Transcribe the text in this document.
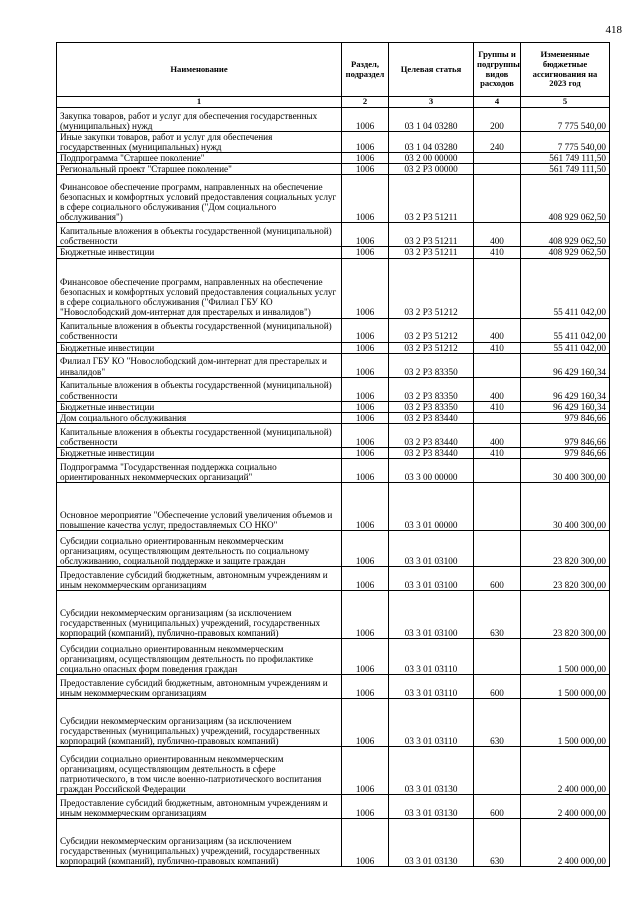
418
Наименование	Раздел, подраздел	Целевая статья	Группы и подгруппы видов расходов	Измененные бюджетные ассигнования на 2023 год
1	2	3	4	5
Закупка товаров, работ и услуг для обеспечения государственных (муниципальных) нужд	1006	03 1 04 03280	200	7 775 540,00
Иные закупки товаров, работ и услуг для обеспечения государственных (муниципальных) нужд	1006	03 1 04 03280	240	7 775 540,00
Подпрограмма "Старшее поколение"	1006	03 2 00 00000		561 749 111,50
Региональный проект "Старшее поколение"	1006	03 2 P3 00000		561 749 111,50
Финансовое обеспечение программ, направленных на обеспечение безопасных и комфортных условий предоставления социальных услуг в сфере социального обслуживания ("Дом социального обслуживания")	1006	03 2 P3 51211		408 929 062,50
Капитальные вложения в объекты государственной (муниципальной) собственности	1006	03 2 P3 51211	400	408 929 062,50
Бюджетные инвестиции	1006	03 2 P3 51211	410	408 929 062,50
Финансовое обеспечение программ, направленных на обеспечение безопасных и комфортных условий предоставления социальных услуг в сфере социального обслуживания ("Филиал ГБУ КО "Новослободский дом-интернат для престарелых и инвалидов")	1006	03 2 P3 51212		55 411 042,00
Капитальные вложения в объекты государственной (муниципальной) собственности	1006	03 2 P3 51212	400	55 411 042,00
Бюджетные инвестиции	1006	03 2 P3 51212	410	55 411 042,00
Филиал ГБУ КО "Новослободский дом-интернат для престарелых и инвалидов"	1006	03 2 P3 83350		96 429 160,34
Капитальные вложения в объекты государственной (муниципальной) собственности	1006	03 2 P3 83350	400	96 429 160,34
Бюджетные инвестиции	1006	03 2 P3 83350	410	96 429 160,34
Дом социального обслуживания	1006	03 2 P3 83440		979 846,66
Капитальные вложения в объекты государственной (муниципальной) собственности	1006	03 2 P3 83440	400	979 846,66
Бюджетные инвестиции	1006	03 2 P3 83440	410	979 846,66
Подпрограмма "Государственная поддержка социально ориентированных некоммерческих организаций"	1006	03 3 00 00000		30 400 300,00
Основное мероприятие "Обеспечение условий увеличения объемов и повышение качества услуг, предоставляемых СО НКО"	1006	03 3 01 00000		30 400 300,00
Субсидии социально ориентированным некоммерческим организациям, осуществляющим деятельность по социальному обслуживанию, социальной поддержке и защите граждан	1006	03 3 01 03100		23 820 300,00
Предоставление субсидий бюджетным, автономным учреждениям и иным некоммерческим организациям	1006	03 3 01 03100	600	23 820 300,00
Субсидии некоммерческим организациям (за исключением государственных (муниципальных) учреждений, государственных корпораций (компаний), публично-правовых компаний)	1006	03 3 01 03100	630	23 820 300,00
Субсидии социально ориентированным некоммерческим организациям, осуществляющим деятельность по профилактике социально опасных форм поведения граждан	1006	03 3 01 03110		1 500 000,00
Предоставление субсидий бюджетным, автономным учреждениям и иным некоммерческим организациям	1006	03 3 01 03110	600	1 500 000,00
Субсидии некоммерческим организациям (за исключением государственных (муниципальных) учреждений, государственных корпораций (компаний), публично-правовых компаний)	1006	03 3 01 03110	630	1 500 000,00
Субсидии социально ориентированным некоммерческим организациям, осуществляющим деятельность в сфере патриотического, в том числе военно-патриотического воспитания граждан Российской Федерации	1006	03 3 01 03130		2 400 000,00
Предоставление субсидий бюджетным, автономным учреждениям и иным некоммерческим организациям	1006	03 3 01 03130	600	2 400 000,00
Субсидии некоммерческим организациям (за исключением государственных (муниципальных) учреждений, государственных корпораций (компаний), публично-правовых компаний)	1006	03 3 01 03130	630	2 400 000,00
